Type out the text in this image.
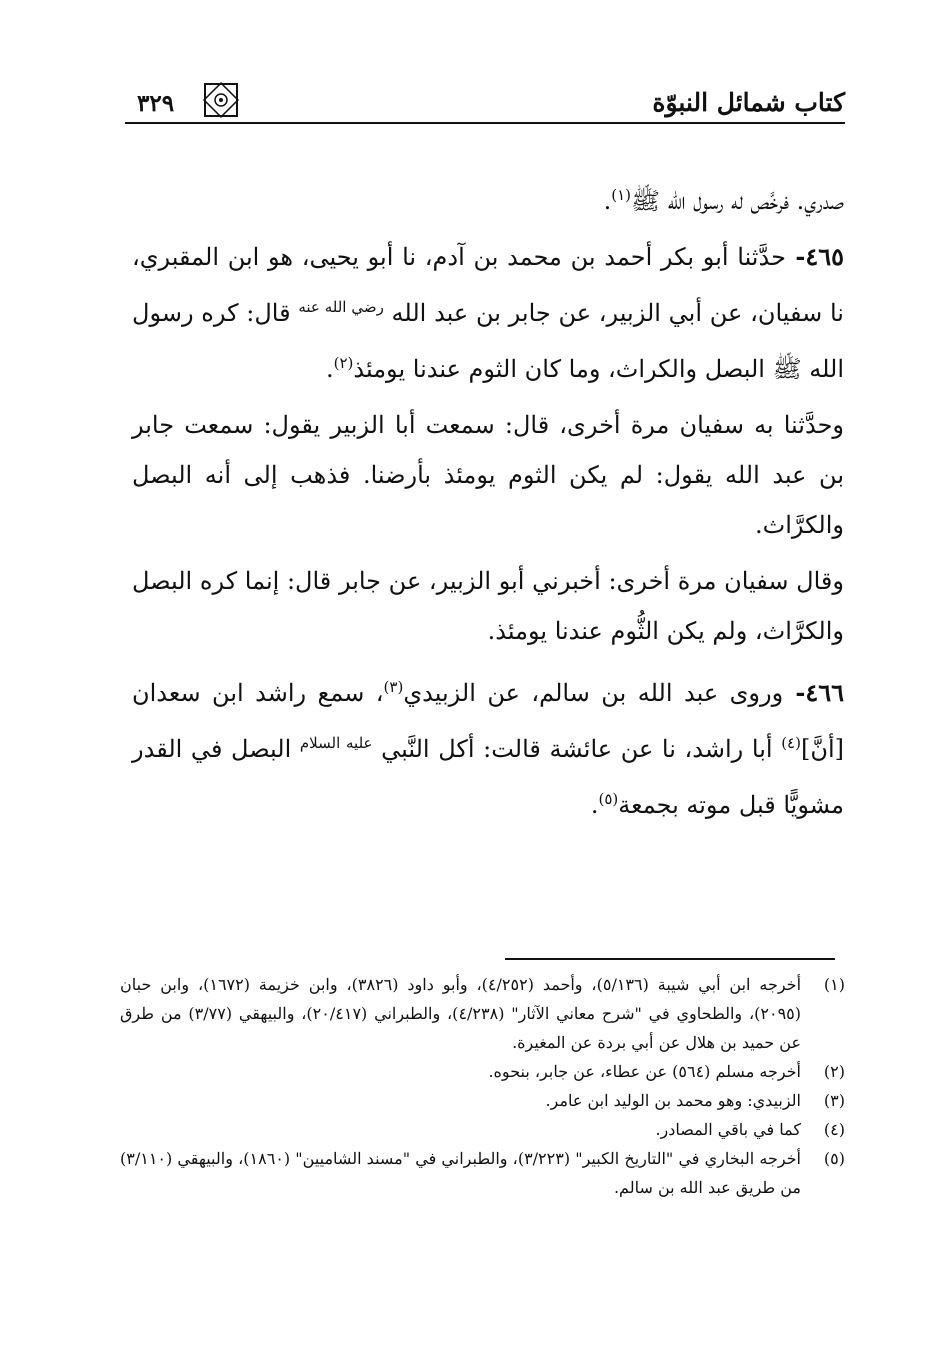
كتاب شمائل النبوّة
٣٢٩

صدري. فرخَّص له رسول الله ﷺ$^{(١)}$.

٤٦٥- حدَّثنا أبو بكر أحمد بن محمد بن آدم، نا أبو يحيى، هو ابن المقبري، نا سفيان، عن أبي الزبير، عن جابر بن عبد الله $^{رضي الله عنه}$ قال: كره رسول الله ﷺ البصل والكراث، وما كان الثوم عندنا يومئذ$^{(٢)}$.

وحدَّثنا به سفيان مرة أخرى، قال: سمعت أبا الزبير يقول: سمعت جابر بن عبد الله يقول: لم يكن الثوم يومئذ بأرضنا. فذهب إلى أنه البصل والكرَّاث.

وقال سفيان مرة أخرى: أخبرني أبو الزبير، عن جابر قال: إنما كره البصل والكرَّاث، ولم يكن الثُّوم عندنا يومئذ.

٤٦٦- وروى عبد الله بن سالم، عن الزبيدي$^{(٣)}$، سمع راشد ابن سعدان [أنَّ]$^{(٤)}$ أبا راشد، نا عن عائشة قالت: أكل النَّبي $^{عليه السلام}$ البصل في القدر مشويًّا قبل موته بجمعة$^{(٥)}$.

(١)
أخرجه ابن أبي شيبة (٥/١٣٦)، وأحمد (٤/٢٥٢)، وأبو داود (٣٨٢٦)، وابن خزيمة (١٦٧٢)، وابن حبان (٢٠٩٥)، والطحاوي في "شرح معاني الآثار" (٤/٢٣٨)، والطبراني (٢٠/٤١٧)، والبيهقي (٣/٧٧) من طرق عن حميد بن هلال عن أبي بردة عن المغيرة.
(٢)
أخرجه مسلم (٥٦٤) عن عطاء، عن جابر، بنحوه.
(٣)
الزبيدي: وهو محمد بن الوليد ابن عامر.
(٤)
كما في باقي المصادر.
(٥)
أخرجه البخاري في "التاريخ الكبير" (٣/٢٢٣)، والطبراني في "مسند الشاميين" (١٨٦٠)، والبيهقي (٣/١١٠) من طريق عبد الله بن سالم.
